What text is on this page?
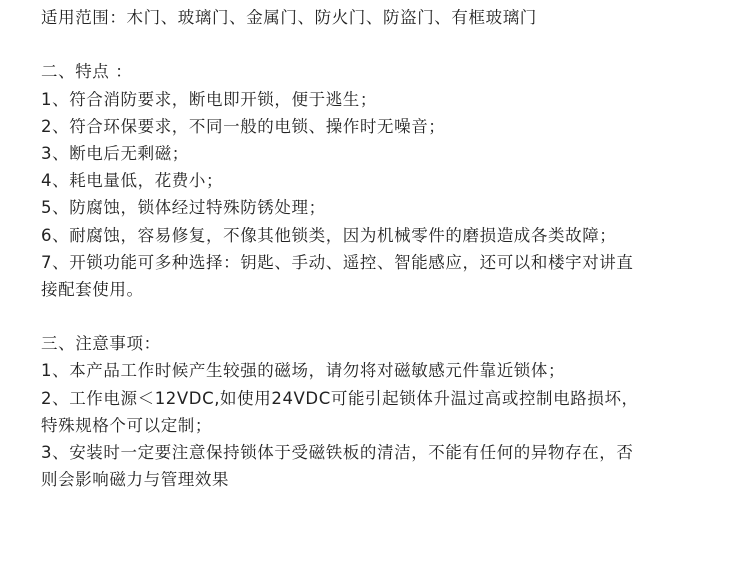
适用范围：木门、玻璃门、金属门、防火门、防盗门、有框玻璃门
二、特点 ：
1、符合消防要求，断电即开锁，便于逃生；
2、符合环保要求，不同一般的电锁、操作时无噪音；
3、断电后无剩磁；
4、耗电量低，花费小；
5、防腐蚀，锁体经过特殊防锈处理；
6、耐腐蚀，容易修复，不像其他锁类，因为机械零件的磨损造成各类故障；
7、开锁功能可多种选择：钥匙、手动、遥控、智能感应，还可以和楼宇对讲直
接配套使用。
三、注意事项：
1、本产品工作时候产生较强的磁场，请勿将对磁敏感元件靠近锁体；
2、工作电源＜12VDC,如使用24VDC可能引起锁体升温过高或控制电路损坏，
特殊规格个可以定制；
3、安装时一定要注意保持锁体于受磁铁板的清洁，不能有任何的异物存在，否
则会影响磁力与管理效果
